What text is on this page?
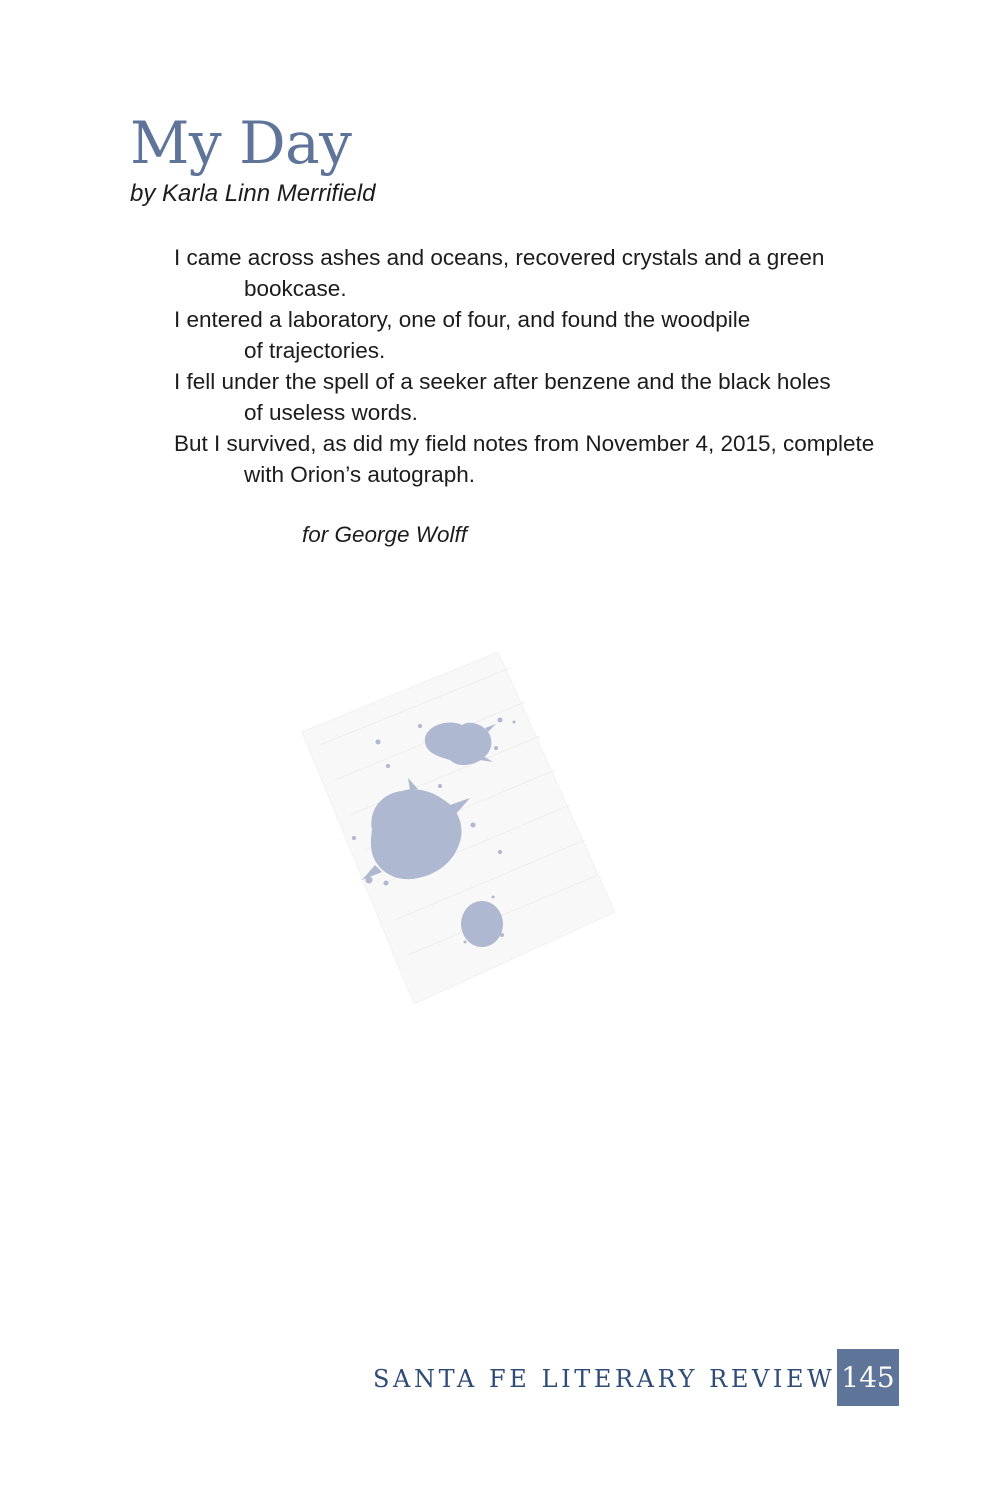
My Day

by Karla Linn Merrifield

I came across ashes and oceans, recovered crystals and a green
bookcase.

I entered a laboratory, one of four, and found the woodpile
of trajectories.

I fell under the spell of a seeker after benzene and the black holes
of useless words.

But I survived, as did my field notes from November 4, 2015, complete
with Orion’s autograph.

for George Wolff

SANTA FE LITERARY REVIEW 145
